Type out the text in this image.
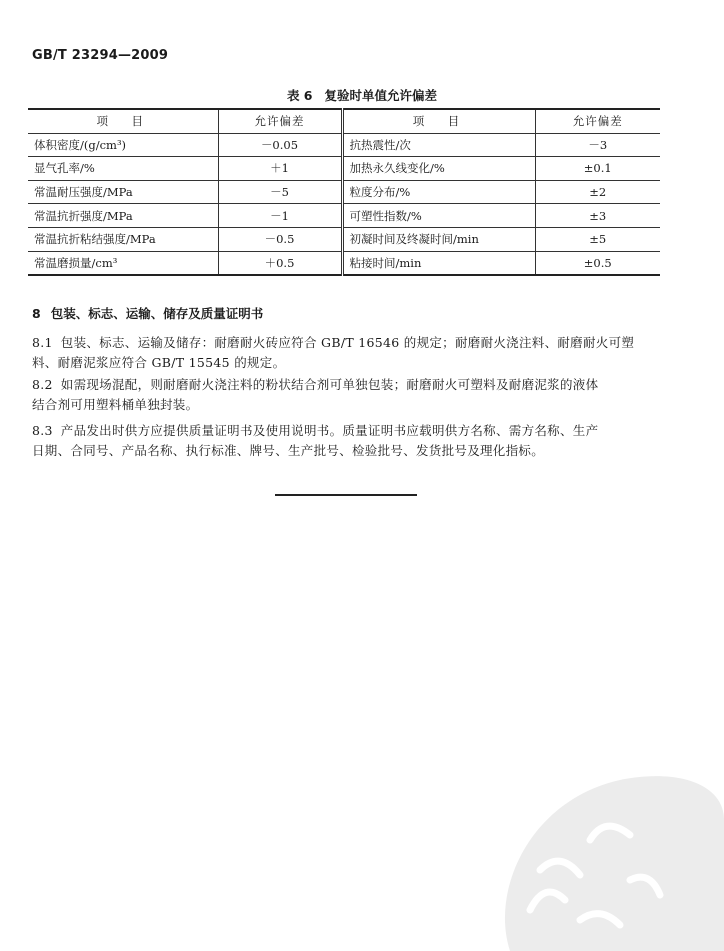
GB/T 23294—2009
表 6 复验时单值允许偏差
项　目	允许偏差	项　目	允许偏差
体积密度/(g/cm³)	－0.05	抗热震性/次	－3
显气孔率/%	＋1	加热永久线变化/%	±0.1
常温耐压强度/MPa	－5	粒度分布/%	±2
常温抗折强度/MPa	－1	可塑性指数/%	±3
常温抗折粘结强度/MPa	－0.5	初凝时间及终凝时间/min	±5
常温磨损量/cm³	＋0.5	粘接时间/min	±0.5
8 包装、标志、运输、储存及质量证明书
8.1 包装、标志、运输及储存：耐磨耐火砖应符合 GB/T 16546 的规定；耐磨耐火浇注料、耐磨耐火可塑
料、耐磨泥浆应符合 GB/T 15545 的规定。
8.2 如需现场混配，则耐磨耐火浇注料的粉状结合剂可单独包装；耐磨耐火可塑料及耐磨泥浆的液体
结合剂可用塑料桶单独封装。
8.3 产品发出时供方应提供质量证明书及使用说明书。质量证明书应载明供方名称、需方名称、生产
日期、合同号、产品名称、执行标准、牌号、生产批号、检验批号、发货批号及理化指标。
